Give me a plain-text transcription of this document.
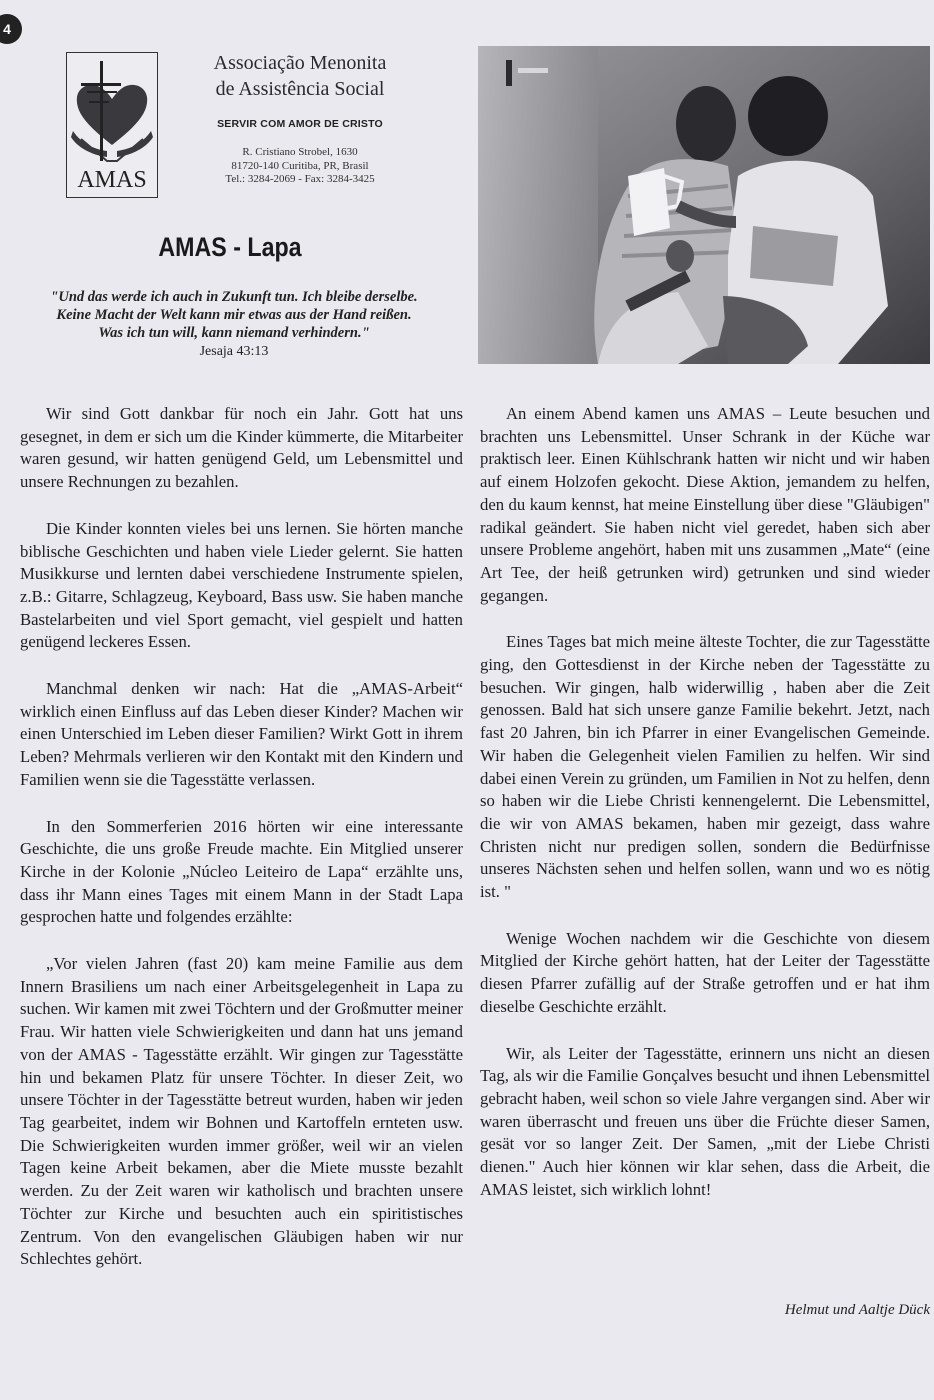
4
AMAS
Associação Menonita
de Assistência Social
SERVIR COM AMOR DE CRISTO
R. Cristiano Strobel, 1630
81720-140 Curitiba, PR, Brasil
Tel.: 3284-2069 - Fax: 3284-3425
AMAS - Lapa
"Und das werde ich auch in Zukunft tun. Ich bleibe derselbe.
Keine Macht der Welt kann mir etwas aus der Hand reißen.
Was ich tun will, kann niemand verhindern."
Jesaja 43:13

Wir sind Gott dankbar für noch ein Jahr. Gott hat uns gesegnet, in dem er sich um die Kinder kümmerte, die Mitarbeiter waren gesund, wir hatten genügend Geld, um Lebensmittel und unsere Rechnungen zu bezahlen.

Die Kinder konnten vieles bei uns lernen. Sie hörten manche biblische Geschichten und haben viele Lieder gelernt. Sie hatten Musikkurse und lernten dabei verschiedene Instrumente spielen, z.B.: Gitarre, Schlagzeug, Keyboard, Bass usw. Sie haben manche Bastelarbeiten und viel Sport gemacht, viel gespielt und hatten genügend leckeres Essen.

Manchmal denken wir nach: Hat die „AMAS-Arbeit“ wirklich einen Einfluss auf das Leben dieser Kinder? Machen wir einen Unterschied im Leben dieser Familien? Wirkt Gott in ihrem Leben? Mehrmals verlieren wir den Kontakt mit den Kindern und Familien wenn sie die Tagesstätte verlassen.

In den Sommerferien 2016 hörten wir eine interessante Geschichte, die uns große Freude machte. Ein Mitglied unserer Kirche in der Kolonie „Núcleo Leiteiro de Lapa“ erzählte uns, dass ihr Mann eines Tages mit einem Mann in der Stadt Lapa gesprochen hatte und folgendes erzählte:

„Vor vielen Jahren (fast 20) kam meine Familie aus dem Innern Brasiliens um nach einer Arbeitsgelegenheit in Lapa zu suchen. Wir kamen mit zwei Töchtern und der Großmutter meiner Frau. Wir hatten viele Schwierigkeiten und dann hat uns jemand von der AMAS - Tagesstätte erzählt. Wir gingen zur Tagesstätte hin und bekamen Platz für unsere Töchter. In dieser Zeit, wo unsere Töchter in der Tagesstätte betreut wurden, haben wir jeden Tag gearbeitet, indem wir Bohnen und Kartoffeln ernteten usw. Die Schwierigkeiten wurden immer größer, weil wir an vielen Tagen keine Arbeit bekamen, aber die Miete musste bezahlt werden. Zu der Zeit waren wir katholisch und brachten unsere Töchter zur Kirche und besuchten auch ein spiritistisches Zentrum. Von den evangelischen Gläubigen haben wir nur Schlechtes gehört.

An einem Abend kamen uns AMAS – Leute besuchen und brachten uns Lebensmittel. Unser Schrank in der Küche war praktisch leer. Einen Kühlschrank hatten wir nicht und wir haben auf einem Holzofen gekocht. Diese Aktion, jemandem zu helfen, den du kaum kennst, hat meine Einstellung über diese "Gläubigen" radikal geändert. Sie haben nicht viel geredet, haben sich aber unsere Probleme angehört, haben mit uns zusammen „Mate“ (eine Art Tee, der heiß getrunken wird) getrunken und sind wieder gegangen.

Eines Tages bat mich meine älteste Tochter, die zur Tagesstätte ging, den Gottesdienst in der Kirche neben der Tagesstätte zu besuchen. Wir gingen, halb widerwillig , haben aber die Zeit genossen. Bald hat sich unsere ganze Familie bekehrt. Jetzt, nach fast 20 Jahren, bin ich Pfarrer in einer Evangelischen Gemeinde. Wir haben die Gelegenheit vielen Familien zu helfen. Wir sind dabei einen Verein zu gründen, um Familien in Not zu helfen, denn so haben wir die Liebe Christi kennengelernt. Die Lebensmittel, die wir von AMAS bekamen, haben mir gezeigt, dass wahre Christen nicht nur predigen sollen, sondern die Bedürfnisse unseres Nächsten sehen und helfen sollen, wann und wo es nötig ist. "

Wenige Wochen nachdem wir die Geschichte von diesem Mitglied der Kirche gehört hatten, hat der Leiter der Tagesstätte diesen Pfarrer zufällig auf der Straße getroffen und er hat ihm dieselbe Geschichte erzählt.

Wir, als Leiter der Tagesstätte, erinnern uns nicht an diesen Tag, als wir die Familie Gonçalves besucht und ihnen Lebensmittel gebracht haben, weil schon so viele Jahre vergangen sind. Aber wir waren überrascht und freuen uns über die Früchte dieser Samen, gesät vor so langer Zeit. Der Samen, „mit der Liebe Christi dienen." Auch hier können wir klar sehen, dass die Arbeit, die AMAS leistet, sich wirklich lohnt!

Helmut und Aaltje Dück
